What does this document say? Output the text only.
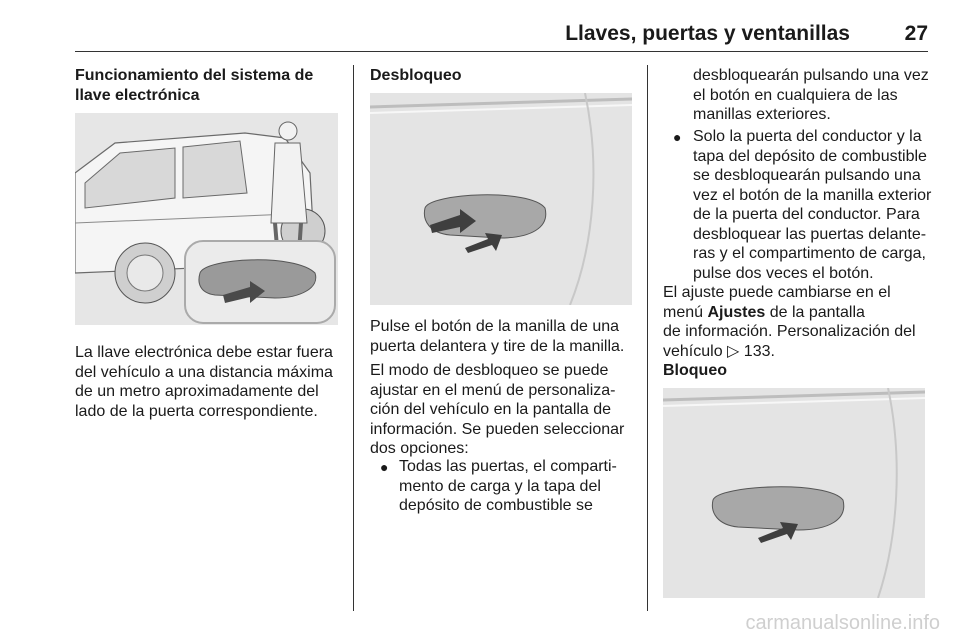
Llaves, puertas y ventanillas	27
Funcionamiento del sistema de
llave electrónica
La llave electrónica debe estar fuera
del vehículo a una distancia máxima
de un metro aproximadamente del
lado de la puerta correspondiente.
Desbloqueo
Pulse el botón de la manilla de una
puerta delantera y tire de la manilla.
El modo de desbloqueo se puede
ajustar en el menú de personaliza-
ción del vehículo en la pantalla de
información. Se pueden seleccionar
dos opciones:
● Todas las puertas, el comparti-
mento de carga y la tapa del
depósito de combustible se
desbloquearán pulsando una vez
el botón en cualquiera de las
manillas exteriores.
● Solo la puerta del conductor y la
tapa del depósito de combustible
se desbloquearán pulsando una
vez el botón de la manilla exterior
de la puerta del conductor. Para
desbloquear las puertas delante-
ras y el compartimento de carga,
pulse dos veces el botón.
El ajuste puede cambiarse en el
menú Ajustes de la pantalla
de información. Personalización del
vehículo ▷ 133.
Bloqueo
carmanualsonline.info
